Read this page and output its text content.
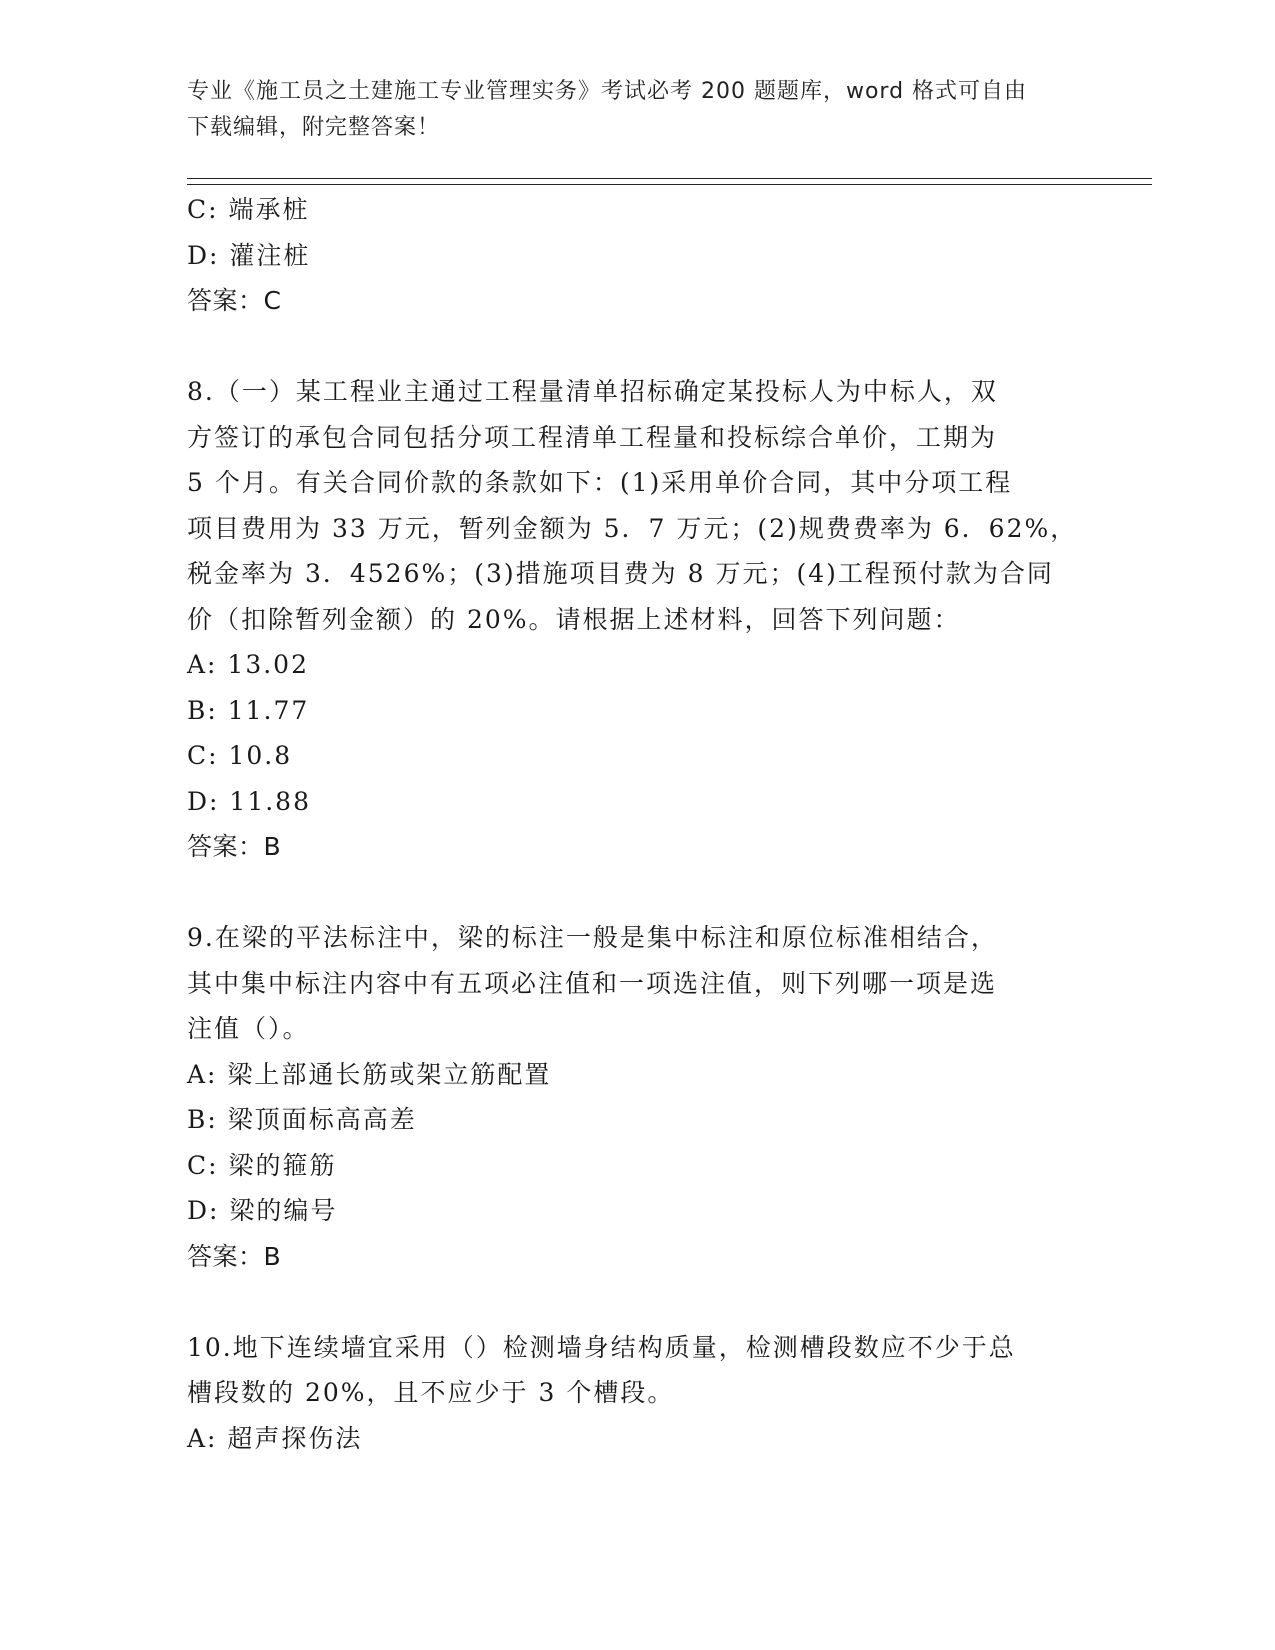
专业《施工员之土建施工专业管理实务》考试必考 200 题题库，word 格式可自由
下载编辑，附完整答案！
C: 端承桩
D: 灌注桩
答案：C
8.（一）某工程业主通过工程量清单招标确定某投标人为中标人，双
方签订的承包合同包括分项工程清单工程量和投标综合单价，工期为
5 个月。有关合同价款的条款如下：(1)采用单价合同，其中分项工程
项目费用为 33 万元，暂列金额为 5．7 万元；(2)规费费率为 6．62%，
税金率为 3．4526%；(3)措施项目费为 8 万元；(4)工程预付款为合同
价（扣除暂列金额）的 20%。请根据上述材料，回答下列问题：
A: 13.02
B: 11.77
C: 10.8
D: 11.88
答案：B
9.在梁的平法标注中，梁的标注一般是集中标注和原位标准相结合，
其中集中标注内容中有五项必注值和一项选注值，则下列哪一项是选
注值（）。
A: 梁上部通长筋或架立筋配置
B: 梁顶面标高高差
C: 梁的箍筋
D: 梁的编号
答案：B
10.地下连续墙宜采用（）检测墙身结构质量，检测槽段数应不少于总
槽段数的 20%，且不应少于 3 个槽段。
A: 超声探伤法
